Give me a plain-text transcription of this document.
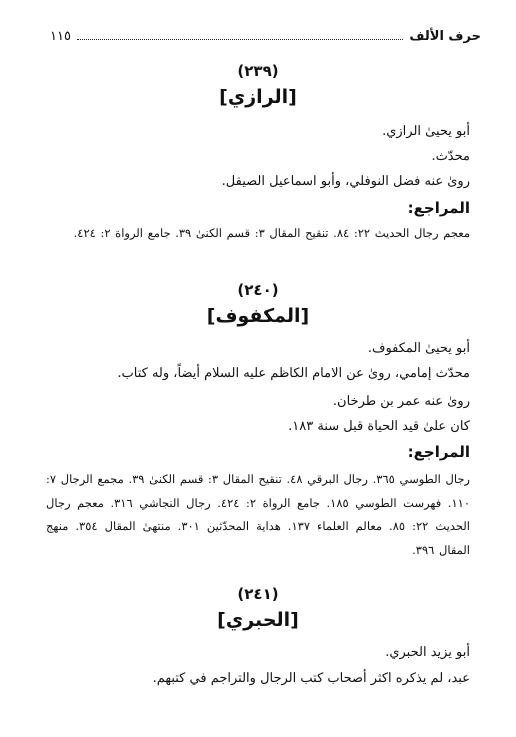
حرف الألف
١١٥
(٢٣٩)
[الرازي]
أبو يحيىٰ الرازي.
محدّث.
روىٰ عنه فضل النوفلي، وأبو اسماعيل الصيقل.
المراجع:
معجم رجال الحديث ٢٢: ٨٤. تنقيح المقال ٣: قسم الكنىٰ ٣٩. جامع الرواة ٢: ٤٢٤.
(٢٤٠)
[المكفوف]
أبو يحيىٰ المكفوف.
محدّث إمامي، روىٰ عن الامام الكاظم عليه السلام أيضاً، وله كتاب.
روىٰ عنه عمر بن طرخان.
كان علىٰ قيد الحياة قبل سنة ١٨٣.
المراجع:
رجال الطوسي ٣٦٥. رجال البرقي ٤٨. تنقيح المقال ٣: قسم الكنىٰ ٣٩. مجمع الرجال ٧: ١١٠. فهرست الطوسي ١٨٥. جامع الرواة ٢: ٤٢٤. رجال النجاشي ٣١٦. معجم رجال الحديث ٢٢: ٨٥. معالم العلماء ١٣٧. هداية المحدّثين ٣٠١. منتهىٰ المقال ٣٥٤. منهج المقال ٣٩٦.
(٢٤١)
[الحبري]
أبو يزيد الحبري.
عبد، لم يذكره اكثر أصحاب كتب الرجال والتراجم في كتبهم.
